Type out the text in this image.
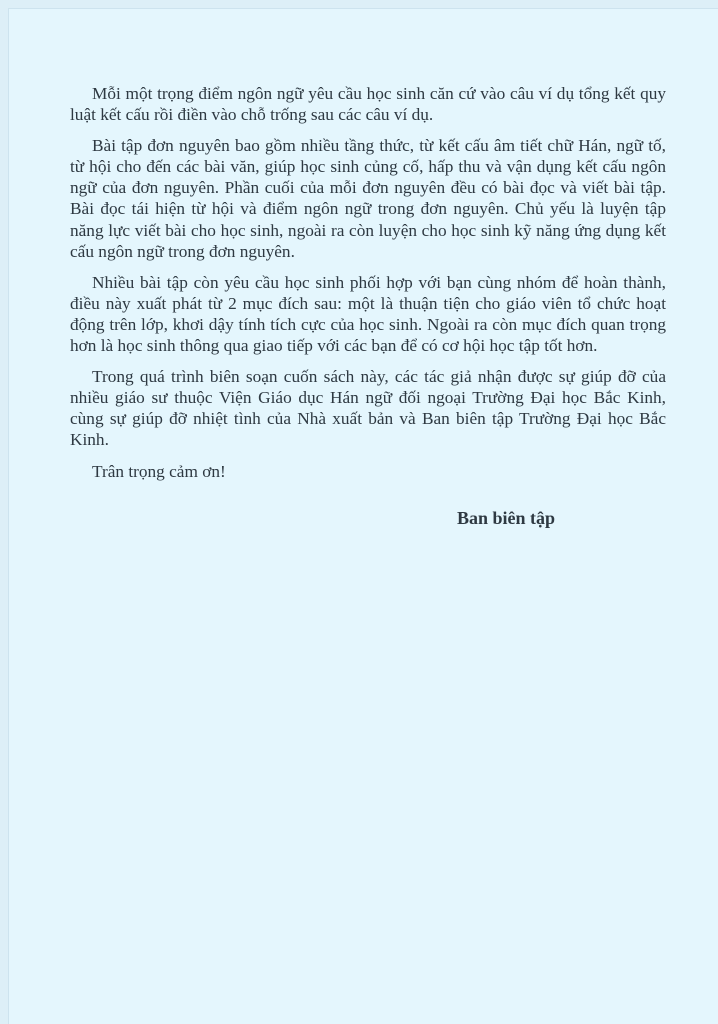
Mỗi một trọng điểm ngôn ngữ yêu cầu học sinh căn cứ vào câu ví dụ tổng kết quy luật kết cấu rồi điền vào chỗ trống sau các câu ví dụ.

Bài tập đơn nguyên bao gồm nhiều tầng thức, từ kết cấu âm tiết chữ Hán, ngữ tố, từ hội cho đến các bài văn, giúp học sinh củng cố, hấp thu và vận dụng kết cấu ngôn ngữ của đơn nguyên. Phần cuối của mỗi đơn nguyên đều có bài đọc và viết bài tập. Bài đọc tái hiện từ hội và điểm ngôn ngữ trong đơn nguyên. Chủ yếu là luyện tập năng lực viết bài cho học sinh, ngoài ra còn luyện cho học sinh kỹ năng ứng dụng kết cấu ngôn ngữ trong đơn nguyên.

Nhiều bài tập còn yêu cầu học sinh phối hợp với bạn cùng nhóm để hoàn thành, điều này xuất phát từ 2 mục đích sau: một là thuận tiện cho giáo viên tổ chức hoạt động trên lớp, khơi dậy tính tích cực của học sinh. Ngoài ra còn mục đích quan trọng hơn là học sinh thông qua giao tiếp với các bạn để có cơ hội học tập tốt hơn.

Trong quá trình biên soạn cuốn sách này, các tác giả nhận được sự giúp đỡ của nhiều giáo sư thuộc Viện Giáo dục Hán ngữ đối ngoại Trường Đại học Bắc Kinh, cùng sự giúp đỡ nhiệt tình của Nhà xuất bản và Ban biên tập Trường Đại học Bắc Kinh.

Trân trọng cảm ơn!

Ban biên tập
